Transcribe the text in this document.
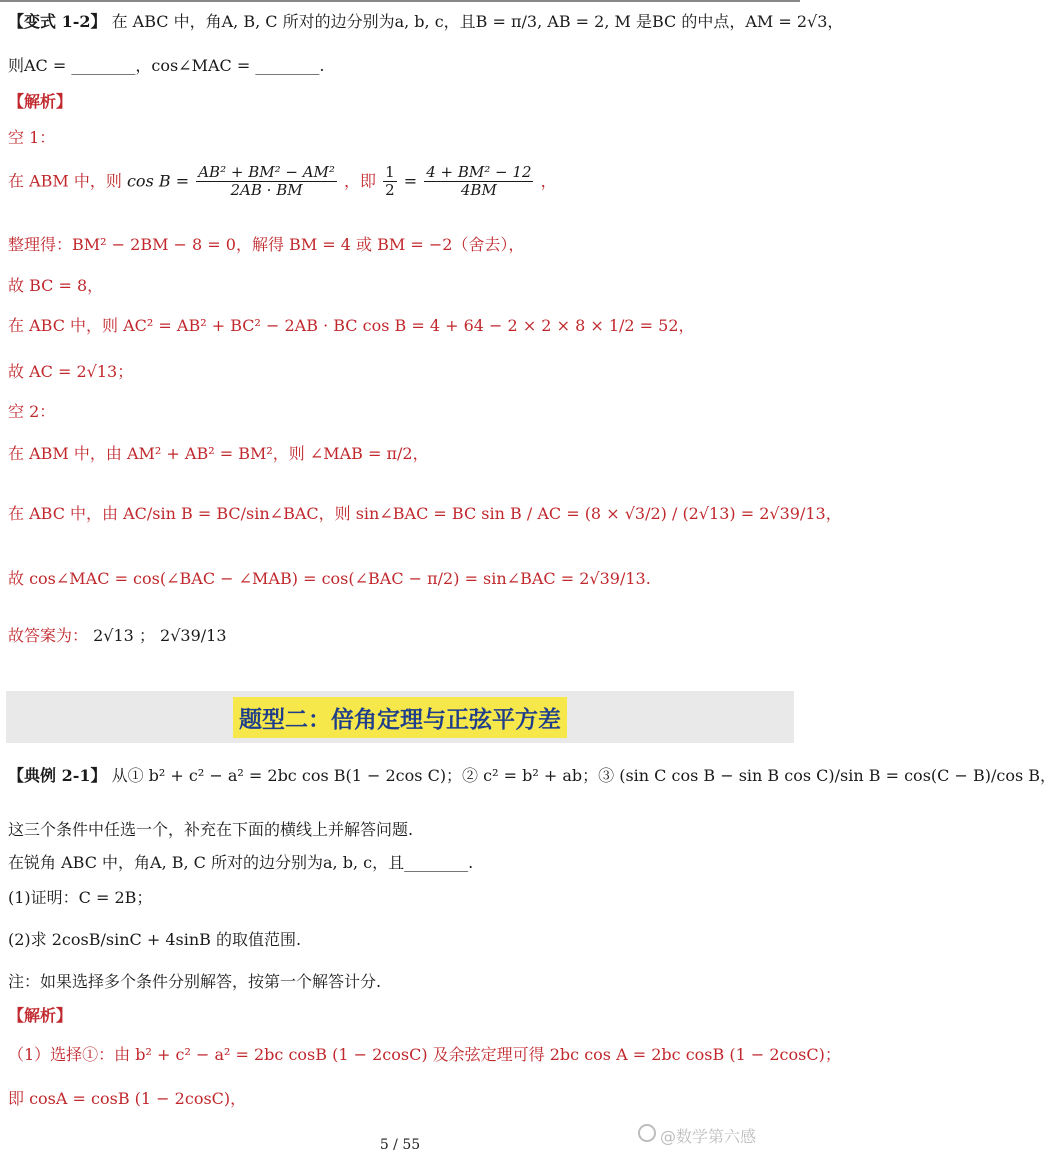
【变式 1-2】 在 ABC 中，角A, B, C 所对的边分别为a, b, c，且B = π/3, AB = 2, M 是BC 的中点，AM = 2√3，
则AC = ________，cos∠MAC = ________.
【解析】
空 1：
在 ABM 中，则 $\cos B = \frac{\text{AB² + BM² − AM²}}{2AB \cdot BM}$ ，即 $\frac{1}{2} = \frac{\text{4 + BM² − 12}}{4BM}$ ，
整理得：BM² − 2BM − 8 = 0，解得 BM = 4 或 BM = −2（舍去），
故 BC = 8，
在 ABC 中，则 AC² = AB² + BC² − 2AB · BC cos B = 4 + 64 − 2 × 2 × 8 × 1/2 = 52，
故 AC = 2√13；
空 2：
在 ABM 中，由 AM² + AB² = BM²，则 ∠MAB = π/2，
在 ABC 中，由 AC/sin B = BC/sin∠BAC，则 sin∠BAC = BC sin B / AC = (8 × √3/2) / (2√13) = 2√39/13，
故 cos∠MAC = cos(∠BAC − ∠MAB) = cos(∠BAC − π/2) = sin∠BAC = 2√39/13.
故答案为： 2√13 ； 2√39/13
题型二：倍角定理与正弦平方差
【典例 2-1】 从① b² + c² − a² = 2bc cos B(1 − 2cos C)；② c² = b² + ab；③ (sin C cos B − sin B cos C)/sin B = cos(C − B)/cos B，
这三个条件中任选一个，补充在下面的横线上并解答问题.
在锐角 ABC 中，角A, B, C 所对的边分别为a, b, c，且________.
(1)证明：C = 2B；
(2)求 2cosB/sinC + 4sinB 的取值范围.
注：如果选择多个条件分别解答，按第一个解答计分.
【解析】
（1）选择①：由 b² + c² − a² = 2bc cosB (1 − 2cosC) 及余弦定理可得 2bc cos A = 2bc cosB (1 − 2cosC)；
即 cosA = cosB (1 − 2cosC)，
5 / 55	@数学第六感
